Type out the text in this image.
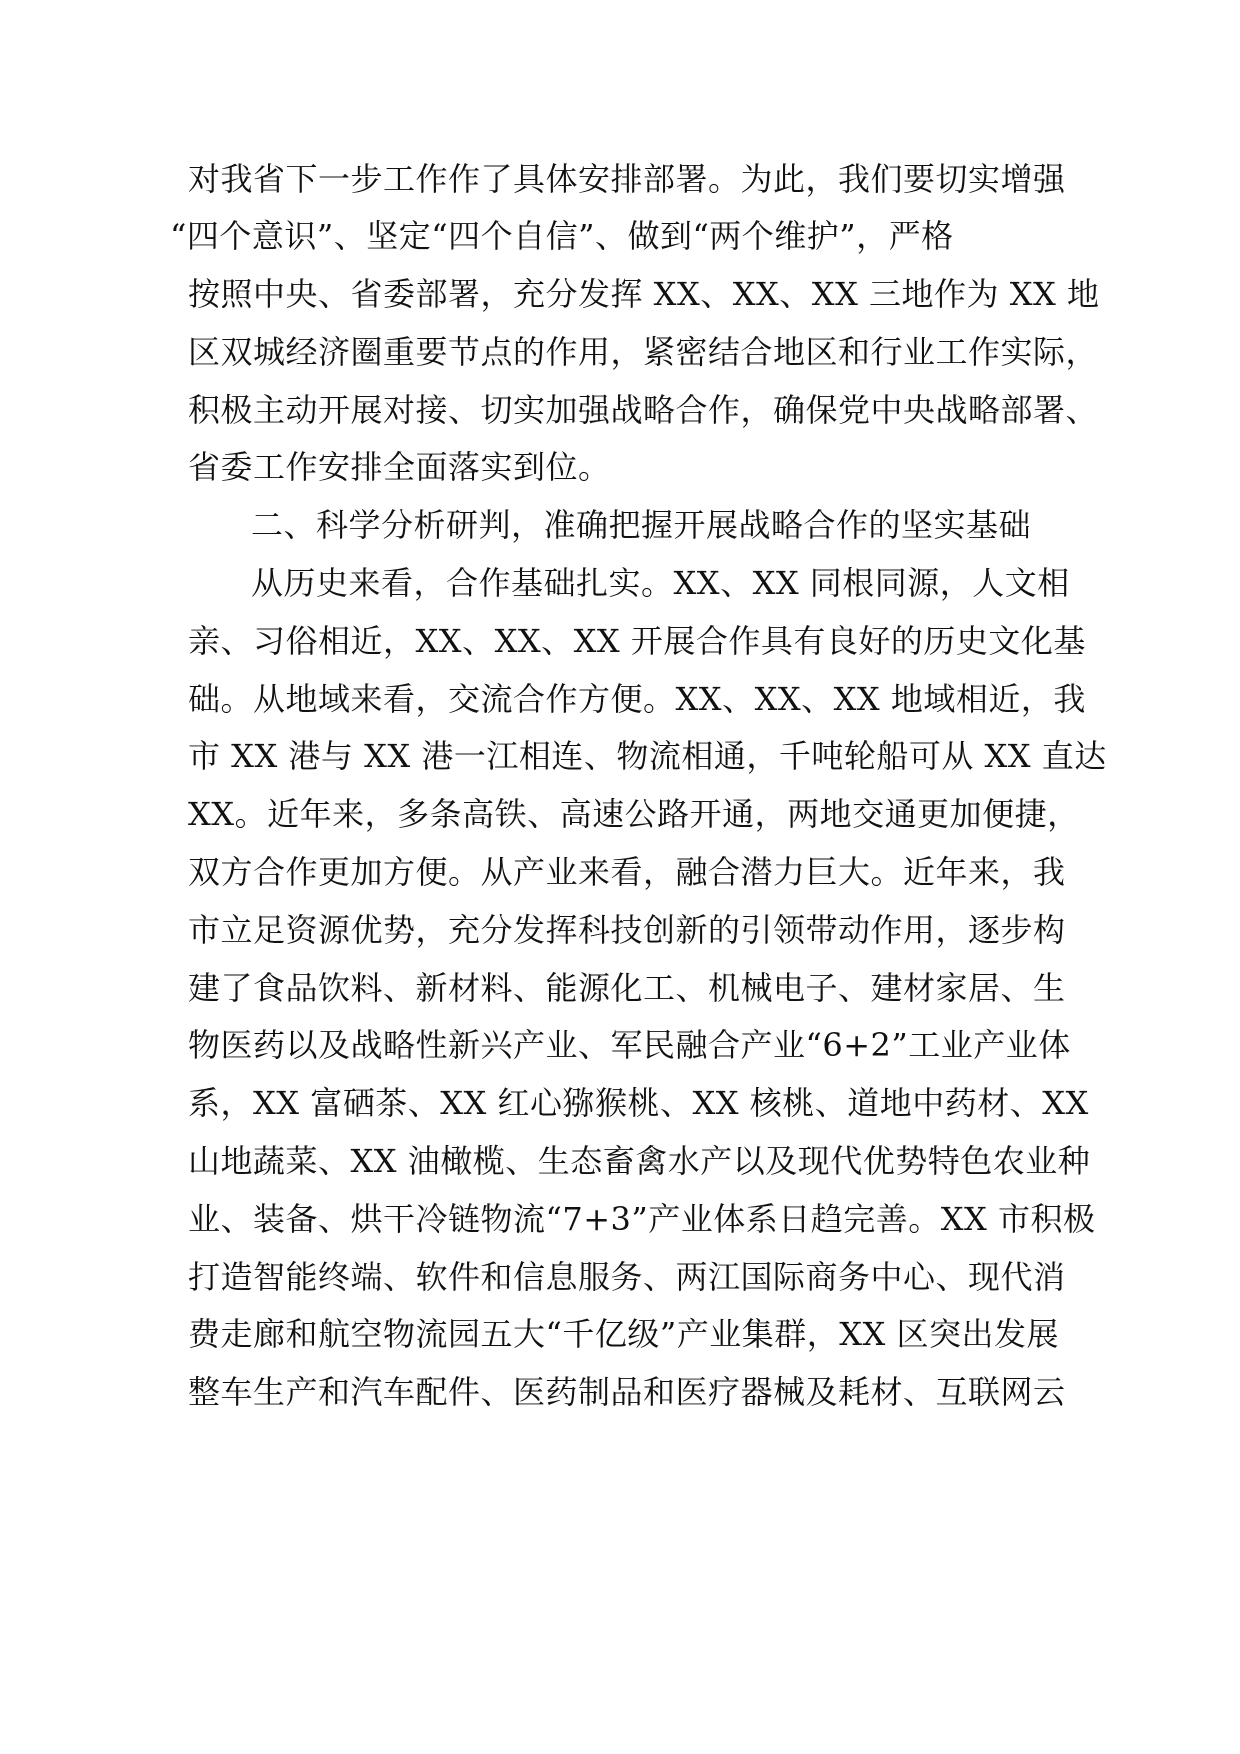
对我省下一步工作作了具体安排部署。为此，我们要切实增强
“四个意识”、坚定“四个自信”、做到“两个维护”，严格
按照中央、省委部署，充分发挥 XX、XX、XX 三地作为 XX 地
区双城经济圈重要节点的作用，紧密结合地区和行业工作实际，
积极主动开展对接、切实加强战略合作，确保党中央战略部署、
省委工作安排全面落实到位。
二、科学分析研判，准确把握开展战略合作的坚实基础
从历史来看，合作基础扎实。XX、XX 同根同源，人文相
亲、习俗相近，XX、XX、XX 开展合作具有良好的历史文化基
础。从地域来看，交流合作方便。XX、XX、XX 地域相近，我
市 XX 港与 XX 港一江相连、物流相通，千吨轮船可从 XX 直达
XX。近年来，多条高铁、高速公路开通，两地交通更加便捷，
双方合作更加方便。从产业来看，融合潜力巨大。近年来，我
市立足资源优势，充分发挥科技创新的引领带动作用，逐步构
建了食品饮料、新材料、能源化工、机械电子、建材家居、生
物医药以及战略性新兴产业、军民融合产业“6+2”工业产业体
系，XX 富硒茶、XX 红心猕猴桃、XX 核桃、道地中药材、XX
山地蔬菜、XX 油橄榄、生态畜禽水产以及现代优势特色农业种
业、装备、烘干冷链物流“7+3”产业体系日趋完善。XX 市积极
打造智能终端、软件和信息服务、两江国际商务中心、现代消
费走廊和航空物流园五大“千亿级”产业集群，XX 区突出发展
整车生产和汽车配件、医药制品和医疗器械及耗材、互联网云
